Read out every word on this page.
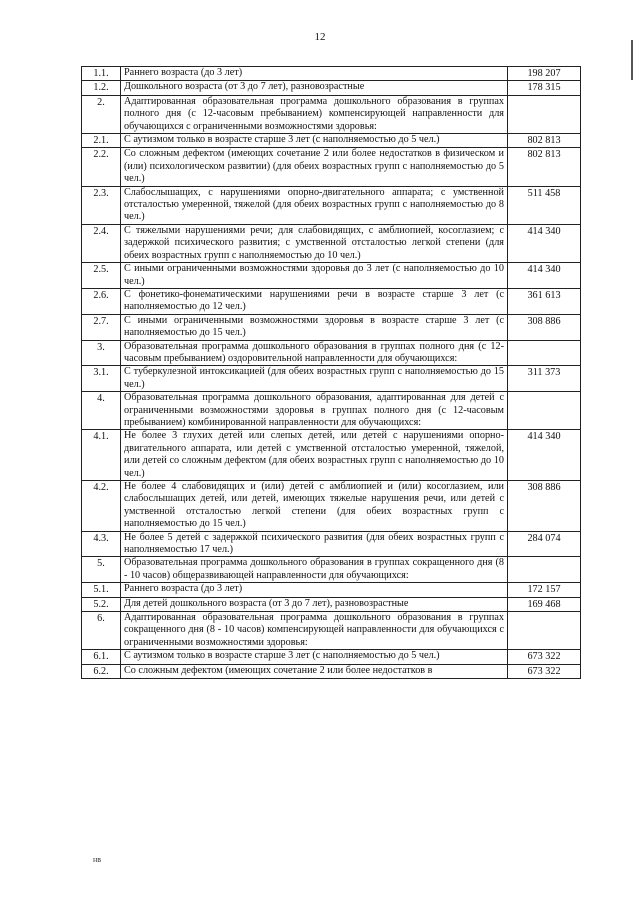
12
1.1.	Раннего возраста (до 3 лет)	198 207
1.2.	Дошкольного возраста (от 3 до 7 лет), разновозрастные	178 315
2.	Адаптированная образовательная программа дошкольного образования в группах полного дня (с 12-часовым пребыванием) компенсирующей направленности для обучающихся с ограниченными возможностями здоровья:	
2.1.	С аутизмом только в возрасте старше 3 лет (с наполняемостью до 5 чел.)	802 813
2.2.	Со сложным дефектом (имеющих сочетание 2 или более недостатков в физическом и (или) психологическом развитии) (для обеих возрастных групп с наполняемостью до 5 чел.)	802 813
2.3.	Слабослышащих, с нарушениями опорно-двигательного аппарата; с умственной отсталостью умеренной, тяжелой (для обеих возрастных групп с наполняемостью до 8 чел.)	511 458
2.4.	С тяжелыми нарушениями речи; для слабовидящих, с амблиопией, косоглазием; с задержкой психического развития; с умственной отсталостью легкой степени (для обеих возрастных групп с наполняемостью до 10 чел.)	414 340
2.5.	С иными ограниченными возможностями здоровья до 3 лет (с наполняемостью до 10 чел.)	414 340
2.6.	С фонетико-фонематическими нарушениями речи в возрасте старше 3 лет (с наполняемостью до 12 чел.)	361 613
2.7.	С иными ограниченными возможностями здоровья в возрасте старше 3 лет (с наполняемостью до 15 чел.)	308 886
3.	Образовательная программа дошкольного образования в группах полного дня (с 12-часовым пребыванием) оздоровительной направленности для обучающихся:	
3.1.	С туберкулезной интоксикацией (для обеих возрастных групп с наполняемостью до 15 чел.)	311 373
4.	Образовательная программа дошкольного образования, адаптированная для детей с ограниченными возможностями здоровья в группах полного дня (с 12-часовым пребыванием) комбинированной направленности для обучающихся:	
4.1.	Не более 3 глухих детей или слепых детей, или детей с нарушениями опорно-двигательного аппарата, или детей с умственной отсталостью умеренной, тяжелой, или детей со сложным дефектом (для обеих возрастных групп с наполняемостью до 10 чел.)	414 340
4.2.	Не более 4 слабовидящих и (или) детей с амблиопией и (или) косоглазием, или слабослышащих детей, или детей, имеющих тяжелые нарушения речи, или детей с умственной отсталостью легкой степени (для обеих возрастных групп с наполняемостью до 15 чел.)	308 886
4.3.	Не более 5 детей с задержкой психического развития (для обеих возрастных групп с наполняемостью 17 чел.)	284 074
5.	Образовательная программа дошкольного образования в группах сокращенного дня (8 - 10 часов) общеразвивающей направленности для обучающихся:	
5.1.	Раннего возраста (до 3 лет)	172 157
5.2.	Для детей дошкольного возраста (от 3 до 7 лет), разновозрастные	169 468
6.	Адаптированная образовательная программа дошкольного образования в группах сокращенного дня (8 - 10 часов) компенсирующей направленности для обучающихся с ограниченными возможностями здоровья:	
6.1.	С аутизмом только в возрасте старше 3 лет (с наполняемостью до 5 чел.)	673 322
6.2.	Со сложным дефектом (имеющих сочетание 2 или более недостатков в	673 322
нв
